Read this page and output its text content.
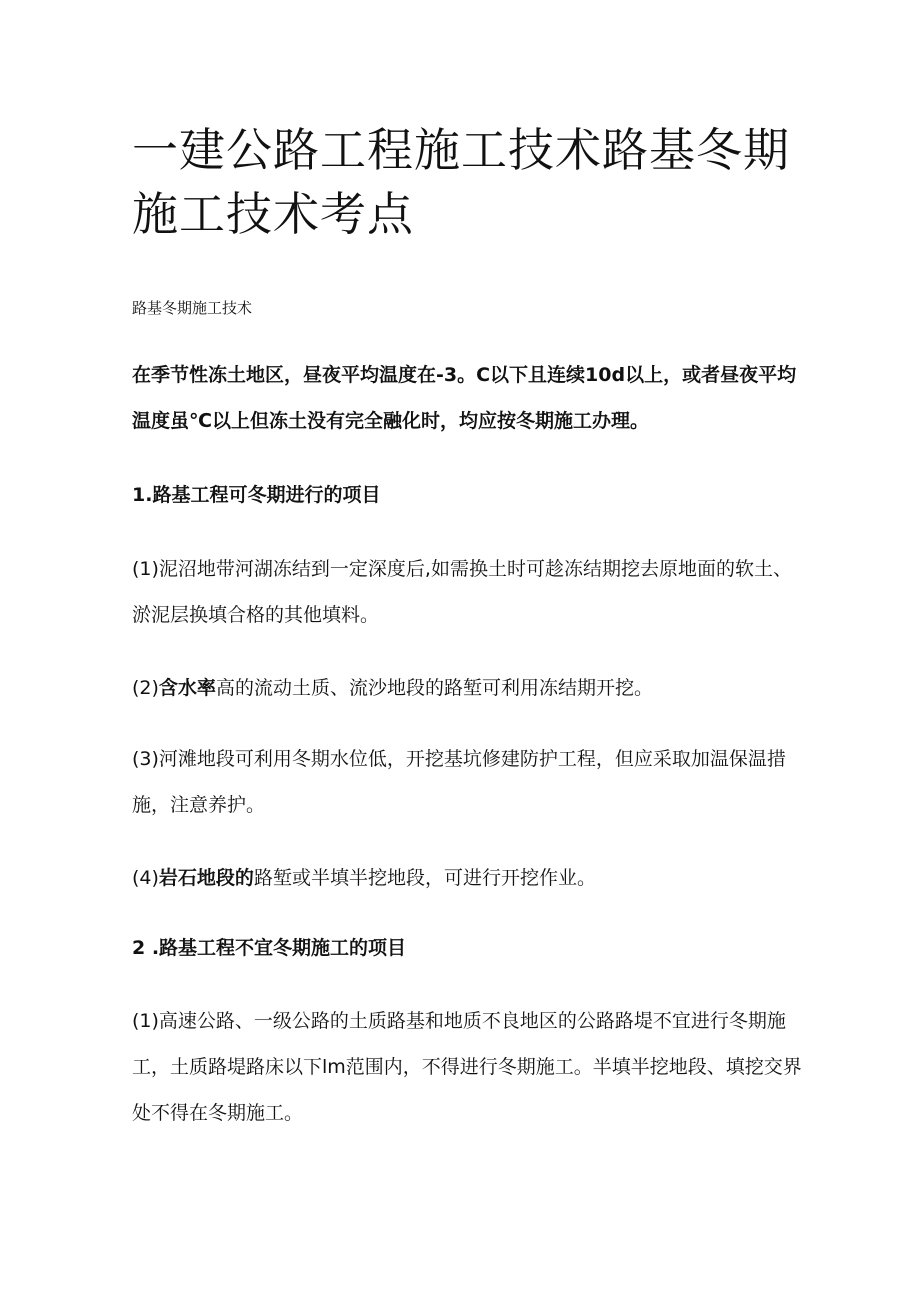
一建公路工程施工技术路基冬期施工技术考点

路基冬期施工技术

在季节性冻土地区，昼夜平均温度在-3。C以下且连续10d以上，或者昼夜平均温度虽℃以上但冻土没有完全融化时，均应按冬期施工办理。

1.路基工程可冬期进行的项目

(1)泥沼地带河湖冻结到一定深度后,如需换土时可趁冻结期挖去原地面的软土、淤泥层换填合格的其他填料。

(2)含水率高的流动土质、流沙地段的路堑可利用冻结期开挖。

(3)河滩地段可利用冬期水位低，开挖基坑修建防护工程，但应采取加温保温措施，注意养护。

(4)岩石地段的路堑或半填半挖地段，可进行开挖作业。

2 .路基工程不宜冬期施工的项目

(1)高速公路、一级公路的土质路基和地质不良地区的公路路堤不宜进行冬期施工，土质路堤路床以下lm范围内，不得进行冬期施工。半填半挖地段、填挖交界处不得在冬期施工。
